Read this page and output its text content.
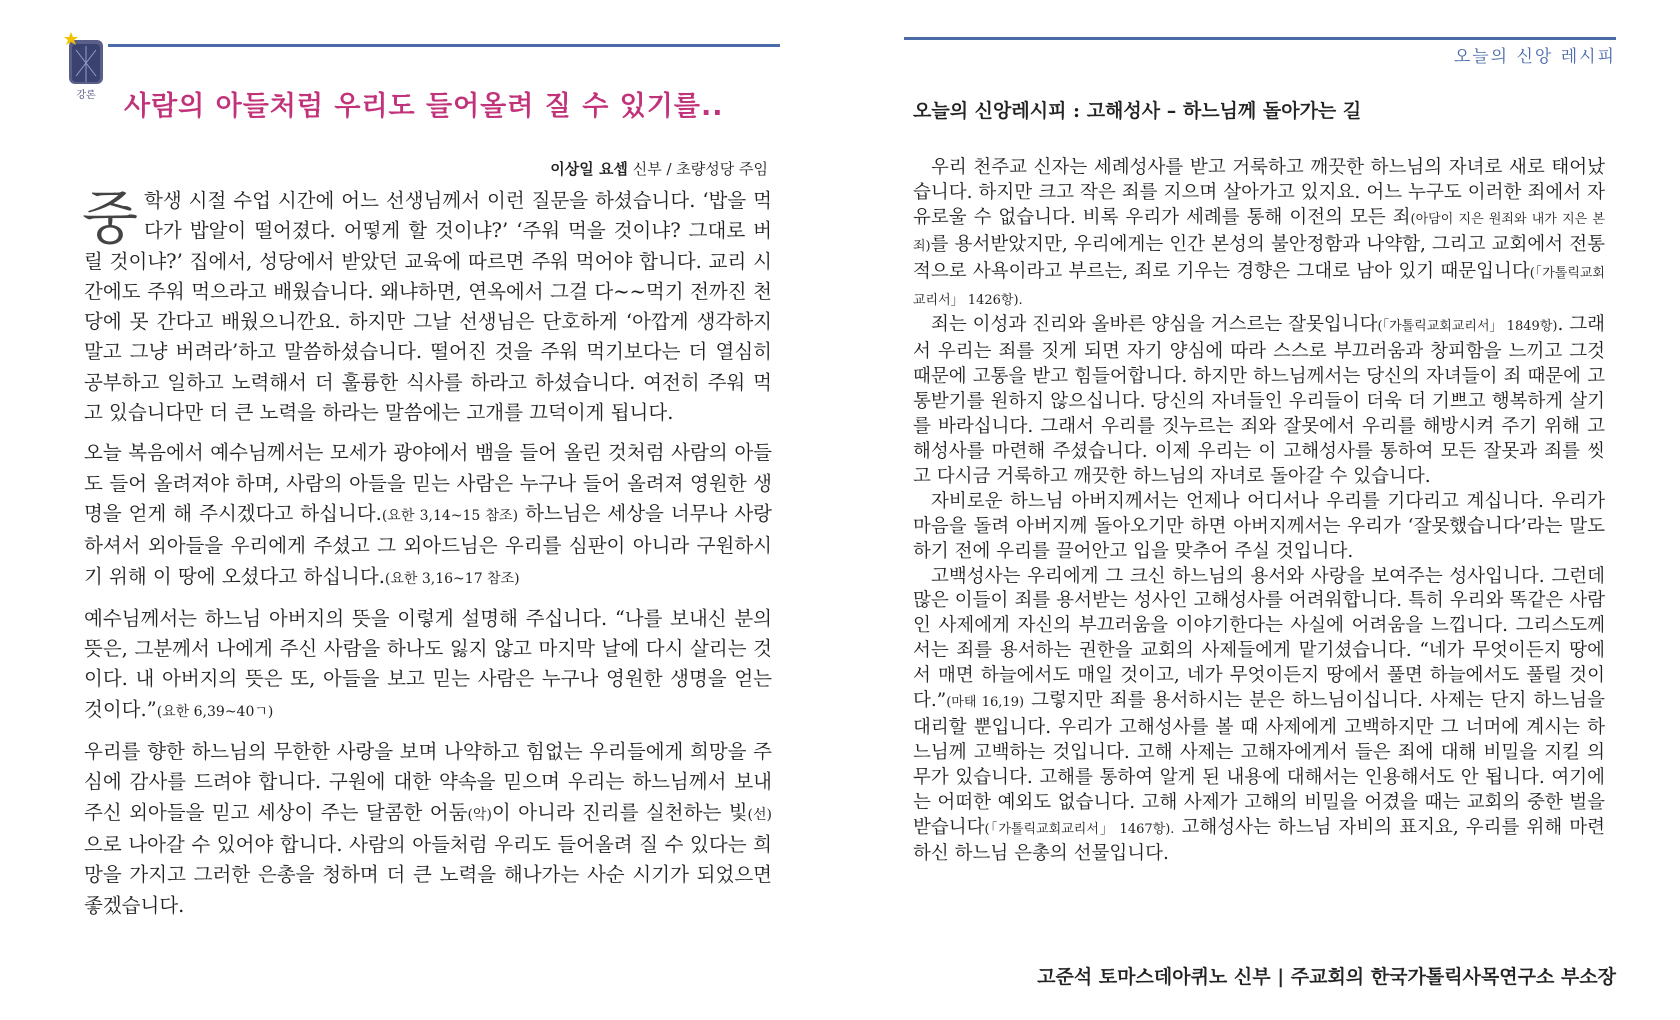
강론 사람의 아들처럼 우리도 들어올려 질 수 있기를..
이상일 요셉 신부 / 초량성당 주임

중학생 시절 수업 시간에 어느 선생님께서 이런 질문을 하셨습니다. ‘밥을 먹다가 밥알이 떨어졌다. 어떻게 할 것이냐?’ ‘주워 먹을 것이냐? 그대로 버릴 것이냐?’ 집에서, 성당에서 받았던 교육에 따르면 주워 먹어야 합니다. 교리 시간에도 주워 먹으라고 배웠습니다. 왜냐하면, 연옥에서 그걸 다~~먹기 전까진 천당에 못 간다고 배웠으니깐요. 하지만 그날 선생님은 단호하게 ‘아깝게 생각하지 말고 그냥 버려라’하고 말씀하셨습니다. 떨어진 것을 주워 먹기보다는 더 열심히 공부하고 일하고 노력해서 더 훌륭한 식사를 하라고 하셨습니다. 여전히 주워 먹고 있습니다만 더 큰 노력을 하라는 말씀에는 고개를 끄덕이게 됩니다.

오늘 복음에서 예수님께서는 모세가 광야에서 뱀을 들어 올린 것처럼 사람의 아들도 들어 올려져야 하며, 사람의 아들을 믿는 사람은 누구나 들어 올려져 영원한 생명을 얻게 해 주시겠다고 하십니다.(요한 3,14~15 참조) 하느님은 세상을 너무나 사랑하셔서 외아들을 우리에게 주셨고 그 외아드님은 우리를 심판이 아니라 구원하시기 위해 이 땅에 오셨다고 하십니다.(요한 3,16~17 참조)

예수님께서는 하느님 아버지의 뜻을 이렇게 설명해 주십니다. “나를 보내신 분의 뜻은, 그분께서 나에게 주신 사람을 하나도 잃지 않고 마지막 날에 다시 살리는 것이다. 내 아버지의 뜻은 또, 아들을 보고 믿는 사람은 누구나 영원한 생명을 얻는 것이다.”(요한 6,39~40ㄱ)

우리를 향한 하느님의 무한한 사랑을 보며 나약하고 힘없는 우리들에게 희망을 주심에 감사를 드려야 합니다. 구원에 대한 약속을 믿으며 우리는 하느님께서 보내주신 외아들을 믿고 세상이 주는 달콤한 어둠(악)이 아니라 진리를 실천하는 빛(선)으로 나아갈 수 있어야 합니다. 사람의 아들처럼 우리도 들어올려 질 수 있다는 희망을 가지고 그러한 은총을 청하며 더 큰 노력을 해나가는 사순 시기가 되었으면 좋겠습니다.

오늘의 신앙 레시피
오늘의 신앙레시피 : 고해성사 – 하느님께 돌아가는 길

우리 천주교 신자는 세례성사를 받고 거룩하고 깨끗한 하느님의 자녀로 새로 태어났습니다. 하지만 크고 작은 죄를 지으며 살아가고 있지요. 어느 누구도 이러한 죄에서 자유로울 수 없습니다. 비록 우리가 세례를 통해 이전의 모든 죄(아담이 지은 원죄와 내가 지은 본죄)를 용서받았지만, 우리에게는 인간 본성의 불안정함과 나약함, 그리고 교회에서 전통적으로 사욕이라고 부르는, 죄로 기우는 경향은 그대로 남아 있기 때문입니다(「가톨릭교회교리서」 1426항).

죄는 이성과 진리와 올바른 양심을 거스르는 잘못입니다(「가톨릭교회교리서」 1849항). 그래서 우리는 죄를 짓게 되면 자기 양심에 따라 스스로 부끄러움과 창피함을 느끼고 그것 때문에 고통을 받고 힘들어합니다. 하지만 하느님께서는 당신의 자녀들이 죄 때문에 고통받기를 원하지 않으십니다. 당신의 자녀들인 우리들이 더욱 더 기쁘고 행복하게 살기를 바라십니다. 그래서 우리를 짓누르는 죄와 잘못에서 우리를 해방시켜 주기 위해 고해성사를 마련해 주셨습니다. 이제 우리는 이 고해성사를 통하여 모든 잘못과 죄를 씻고 다시금 거룩하고 깨끗한 하느님의 자녀로 돌아갈 수 있습니다.

자비로운 하느님 아버지께서는 언제나 어디서나 우리를 기다리고 계십니다. 우리가 마음을 돌려 아버지께 돌아오기만 하면 아버지께서는 우리가 ‘잘못했습니다’라는 말도 하기 전에 우리를 끌어안고 입을 맞추어 주실 것입니다.

고백성사는 우리에게 그 크신 하느님의 용서와 사랑을 보여주는 성사입니다. 그런데 많은 이들이 죄를 용서받는 성사인 고해성사를 어려워합니다. 특히 우리와 똑같은 사람인 사제에게 자신의 부끄러움을 이야기한다는 사실에 어려움을 느낍니다. 그리스도께서는 죄를 용서하는 권한을 교회의 사제들에게 맡기셨습니다. “네가 무엇이든지 땅에서 매면 하늘에서도 매일 것이고, 네가 무엇이든지 땅에서 풀면 하늘에서도 풀릴 것이다.”(마태 16,19) 그렇지만 죄를 용서하시는 분은 하느님이십니다. 사제는 단지 하느님을 대리할 뿐입니다. 우리가 고해성사를 볼 때 사제에게 고백하지만 그 너머에 계시는 하느님께 고백하는 것입니다. 고해 사제는 고해자에게서 들은 죄에 대해 비밀을 지킬 의무가 있습니다. 고해를 통하여 알게 된 내용에 대해서는 인용해서도 안 됩니다. 여기에는 어떠한 예외도 없습니다. 고해 사제가 고해의 비밀을 어겼을 때는 교회의 중한 벌을 받습니다(「가톨릭교회교리서」 1467항). 고해성사는 하느님 자비의 표지요, 우리를 위해 마련하신 하느님 은총의 선물입니다.

고준석 토마스데아퀴노 신부 | 주교회의 한국가톨릭사목연구소 부소장
